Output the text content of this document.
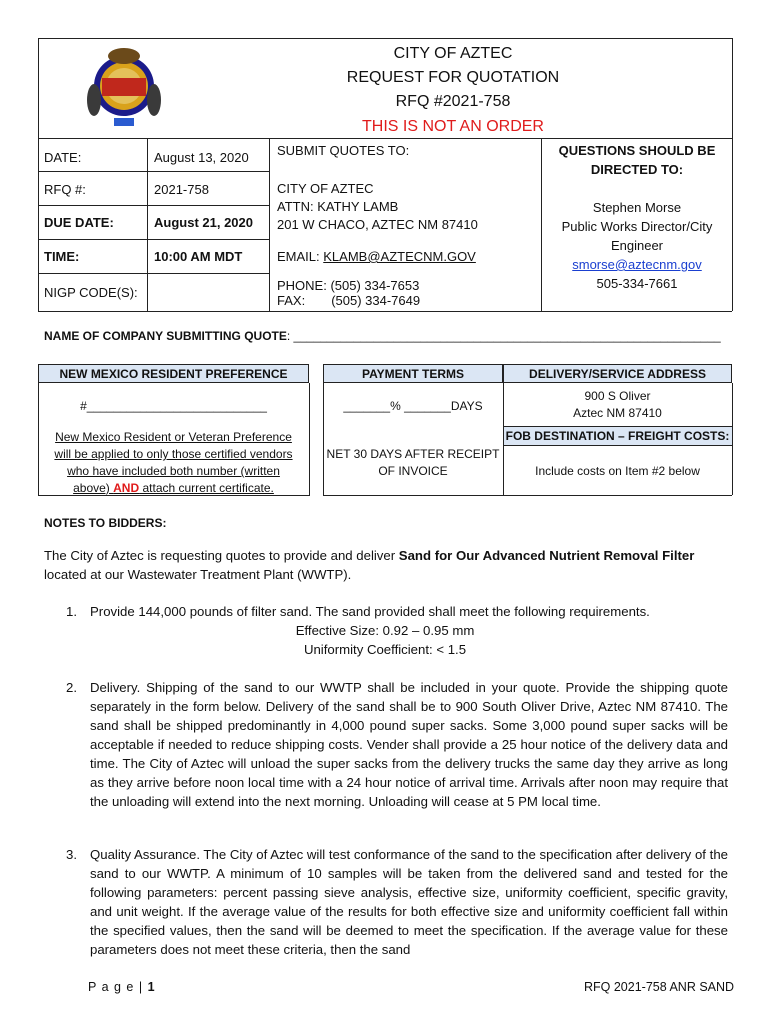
CITY OF AZTEC
REQUEST FOR QUOTATION
RFQ #2021-758
THIS IS NOT AN ORDER
DATE:	August 13, 2020
RFQ #:	2021-758
DUE DATE:	August 21, 2020
TIME:	10:00 AM MDT
NIGP CODE(S):
SUBMIT QUOTES TO:
CITY OF AZTEC
ATTN: KATHY LAMB
201 W CHACO, AZTEC NM 87410
EMAIL: KLAMB@AZTECNM.GOV
PHONE: (505) 334-7653
FAX: (505) 334-7649
QUESTIONS SHOULD BE
DIRECTED TO:
Stephen Morse
Public Works Director/City
Engineer
smorse@aztecnm.gov
505-334-7661
NAME OF COMPANY SUBMITTING QUOTE: ________________________________________________________________
NEW MEXICO RESIDENT PREFERENCE	PAYMENT TERMS	DELIVERY/SERVICE ADDRESS
#___________________________
New Mexico Resident or Veteran Preference
will be applied to only those certified vendors
who have included both number (written
above) AND attach current certificate.
_______% _______DAYS
NET 30 DAYS AFTER RECEIPT
OF INVOICE
900 S Oliver
Aztec NM 87410
FOB DESTINATION – FREIGHT COSTS:
Include costs on Item #2 below
NOTES TO BIDDERS:
The City of Aztec is requesting quotes to provide and deliver Sand for Our Advanced Nutrient Removal Filter located at our Wastewater Treatment Plant (WWTP).
1. Provide 144,000 pounds of filter sand. The sand provided shall meet the following requirements.
Effective Size: 0.92 – 0.95 mm
Uniformity Coefficient: < 1.5
2. Delivery. Shipping of the sand to our WWTP shall be included in your quote. Provide the shipping quote separately in the form below. Delivery of the sand shall be to 900 South Oliver Drive, Aztec NM 87410. The sand shall be shipped predominantly in 4,000 pound super sacks. Some 3,000 pound super sacks will be acceptable if needed to reduce shipping costs. Vender shall provide a 25 hour notice of the delivery data and time. The City of Aztec will unload the super sacks from the delivery trucks the same day they arrive as long as they arrive before noon local time with a 24 hour notice of arrival time. Arrivals after noon may require that the unloading will extend into the next morning. Unloading will cease at 5 PM local time.
3. Quality Assurance. The City of Aztec will test conformance of the sand to the specification after delivery of the sand to our WWTP. A minimum of 10 samples will be taken from the delivered sand and tested for the following parameters: percent passing sieve analysis, effective size, uniformity coefficient, specific gravity, and unit weight. If the average value of the results for both effective size and uniformity coefficient fall within the specified values, then the sand will be deemed to meet the specification. If the average value for these parameters does not meet these criteria, then the sand
P a g e | 1	RFQ 2021-758 ANR SAND
